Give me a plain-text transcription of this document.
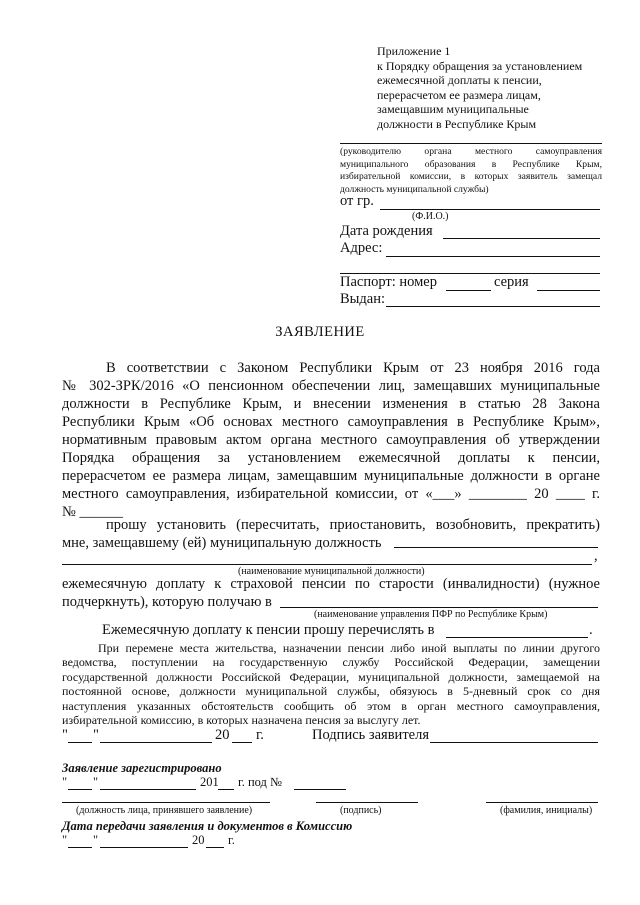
Приложение 1
к Порядку обращения за установлением
ежемесячной доплаты к пенсии,
перерасчетом ее размера лицам,
замещавшим муниципальные
должности в Республике Крым
(руководителю органа местного самоуправления
муниципального образования в Республике Крым,
избирательной комиссии, в которых заявитель замещал
должность муниципальной службы)
от гр.
(Ф.И.О.)
Дата рождения
Адрес:
Паспорт: номер	серия
Выдан:
ЗАЯВЛЕНИЕ
В соответствии с Законом Республики Крым от 23 ноября 2016 года
№ 302-ЗРК/2016 «О пенсионном обеспечении лиц, замещавших муниципальные
должности в Республике Крым, и внесении изменения в статью 28 Закона
Республики Крым «Об основах местного самоуправления в Республике Крым»,
нормативным правовым актом органа местного самоуправления об утверждении
Порядка обращения за установлением ежемесячной доплаты к пенсии,
перерасчетом ее размера лицам, замещавшим муниципальные должности в органе
местного самоуправления, избирательной комиссии, от «___» ________ 20 ____ г.
№ ______
прошу установить (пересчитать, приостановить, возобновить, прекратить)
мне, замещавшему (ей) муниципальную должность
,
(наименование муниципальной должности)
ежемесячную доплату к страховой пенсии по старости (инвалидности) (нужное
подчеркнуть), которую получаю в
(наименование управления ПФР по Республике Крым)
Ежемесячную доплату к пенсии прошу перечислять в	.
При перемене места жительства, назначении пенсии либо иной выплаты по линии другого
ведомства, поступлении на государственную службу Российской Федерации, замещении
государственной должности Российской Федерации, муниципальной должности, замещаемой на
постоянной основе, должности муниципальной службы, обязуюсь в 5-дневный срок со дня
наступления указанных обстоятельств сообщить об этом в орган местного самоуправления,
избирательной комиссию, в которых назначена пенсия за выслугу лет.
" "	20 г.	Подпись заявителя
Заявление зарегистрировано
" "	201 г. под №
(должность лица, принявшего заявление)	(подпись)	(фамилия, инициалы)
Дата передачи заявления и документов в Комиссию
" "	20 г.
